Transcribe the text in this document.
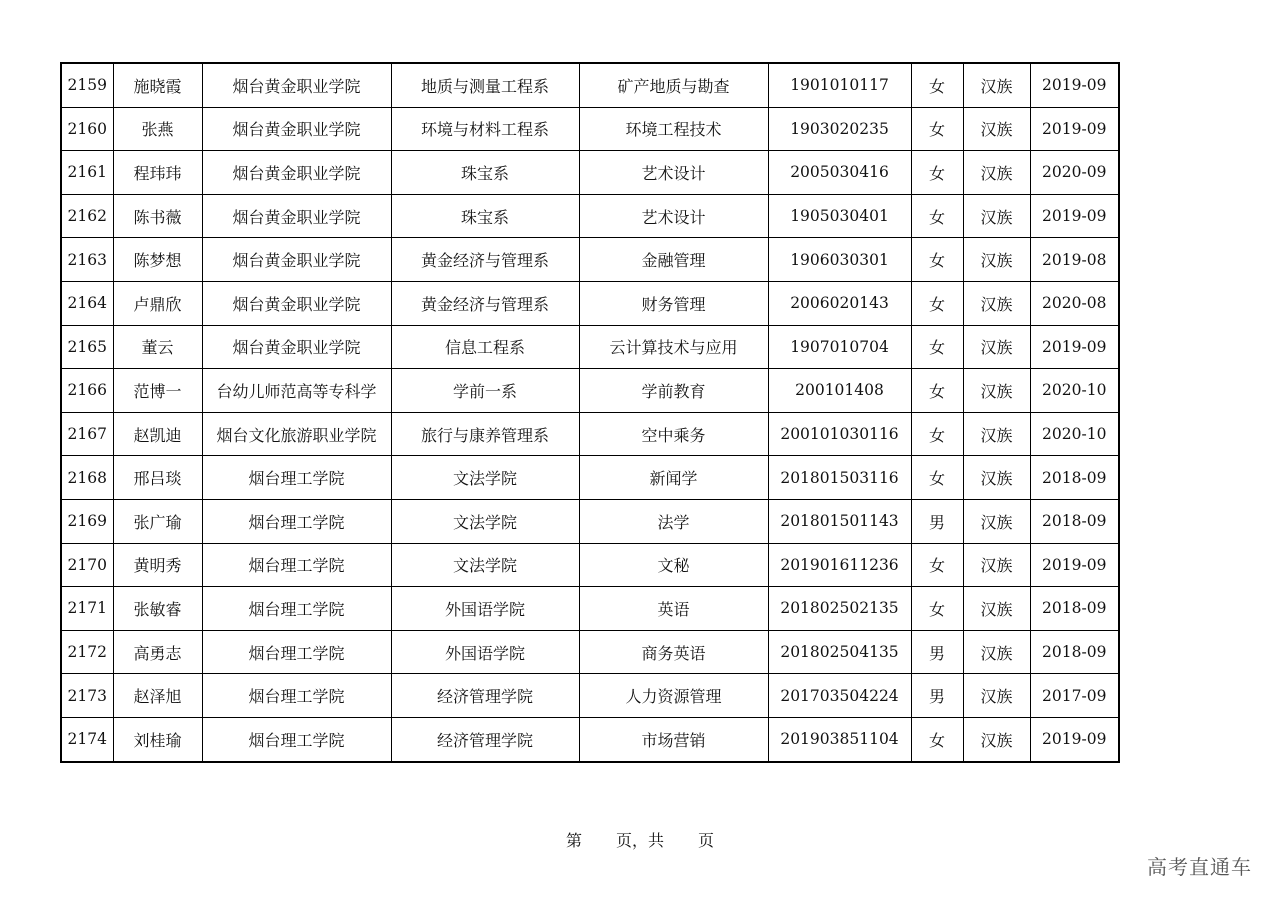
2159	施晓霞	烟台黄金职业学院	地质与测量工程系	矿产地质与勘查	1901010117	女	汉族	2019-09
2160	张燕	烟台黄金职业学院	环境与材料工程系	环境工程技术	1903020235	女	汉族	2019-09
2161	程玮玮	烟台黄金职业学院	珠宝系	艺术设计	2005030416	女	汉族	2020-09
2162	陈书薇	烟台黄金职业学院	珠宝系	艺术设计	1905030401	女	汉族	2019-09
2163	陈梦想	烟台黄金职业学院	黄金经济与管理系	金融管理	1906030301	女	汉族	2019-08
2164	卢鼎欣	烟台黄金职业学院	黄金经济与管理系	财务管理	2006020143	女	汉族	2020-08
2165	董云	烟台黄金职业学院	信息工程系	云计算技术与应用	1907010704	女	汉族	2019-09
2166	范博一	台幼儿师范高等专科学	学前一系	学前教育	200101408	女	汉族	2020-10
2167	赵凯迪	烟台文化旅游职业学院	旅行与康养管理系	空中乘务	200101030116	女	汉族	2020-10
2168	邢吕琰	烟台理工学院	文法学院	新闻学	201801503116	女	汉族	2018-09
2169	张广瑜	烟台理工学院	文法学院	法学	201801501143	男	汉族	2018-09
2170	黄明秀	烟台理工学院	文法学院	文秘	201901611236	女	汉族	2019-09
2171	张敏睿	烟台理工学院	外国语学院	英语	201802502135	女	汉族	2018-09
2172	高勇志	烟台理工学院	外国语学院	商务英语	201802504135	男	汉族	2018-09
2173	赵泽旭	烟台理工学院	经济管理学院	人力资源管理	201703504224	男	汉族	2017-09
2174	刘桂瑜	烟台理工学院	经济管理学院	市场营销	201903851104	女	汉族	2019-09
第 页，共 页
高考直通车
